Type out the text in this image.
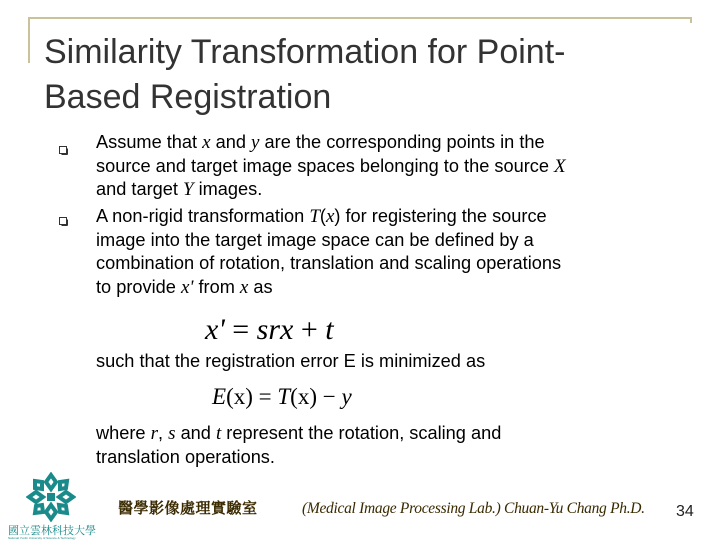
Similarity Transformation for Point-
Based Registration
Assume that x and y are the corresponding points in the
source and target image spaces belonging to the source X
and target Y images.
A non-rigid transformation T(x) for registering the source
image into the target image space can be defined by a
combination of rotation, translation and scaling operations
to provide x' from x as
x' = srx + t
such that the registration error E is minimized as
E(x) = T(x) − y
where r, s and t represent the rotation, scaling and
translation operations.
國立雲林科技大學
National Yunlin University of Science & Technology
醫學影像處理實驗室	(Medical Image Processing Lab.) Chuan-Yu Chang Ph.D. 34
